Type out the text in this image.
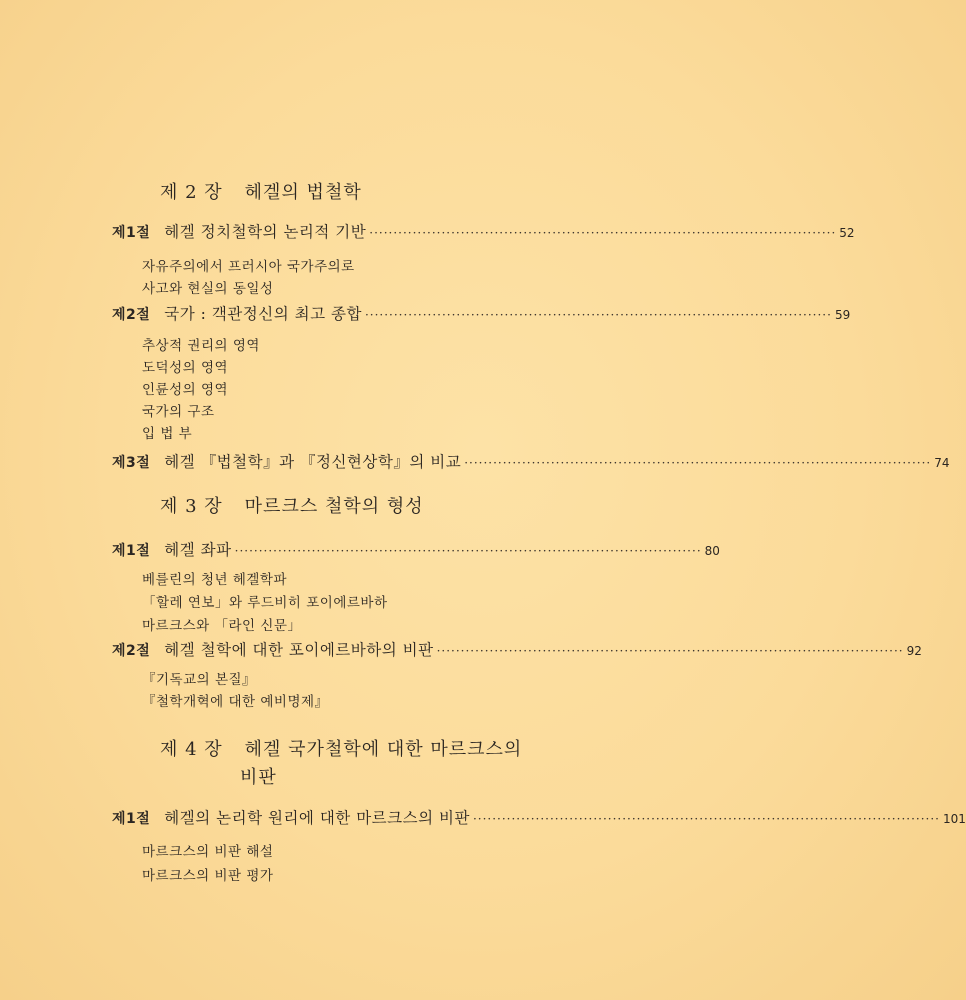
제 2 장 헤겔의 법철학
제1절 헤겔 정치철학의 논리적 기반 ································································································· 52
자유주의에서 프러시아 국가주의로
사고와 현실의 동일성
제2절 국가 : 객관정신의 최고 종합 ································································································· 59
추상적 권리의 영역
도덕성의 영역
인륜성의 영역
국가의 구조
입 법 부
제3절 헤겔 『법철학』과 『정신현상학』의 비교 ································································································· 74
제 3 장 마르크스 철학의 형성
제1절 헤겔 좌파 ································································································· 80
베를린의 청년 헤겔학파
「할레 연보」와 루드비히 포이에르바하
마르크스와 「라인 신문」
제2절 헤겔 철학에 대한 포이에르바하의 비판 ································································································· 92
『기독교의 본질』
『철학개혁에 대한 예비명제』
제 4 장 헤겔 국가철학에 대한 마르크스의
비판
제1절 헤겔의 논리학 원리에 대한 마르크스의 비판 ································································································· 101
마르크스의 비판 해설
마르크스의 비판 평가
